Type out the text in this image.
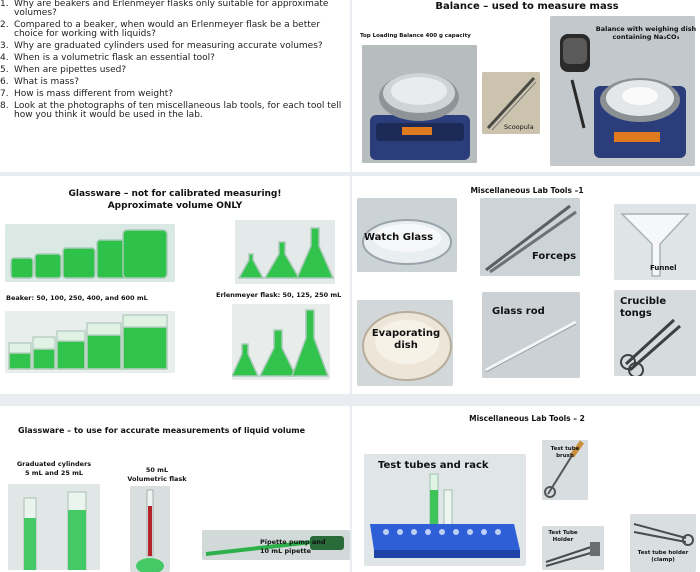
1. Why are beakers and Erlenmeyer flasks only suitable for approximate volumes?
2. Compared to a beaker, when would an Erlenmeyer flask be a better choice for working with liquids?
3. Why are graduated cylinders used for measuring accurate volumes?
4. When is a volumetric flask an essential tool?
5. When are pipettes used?
6. What is mass?
7. How is mass different from weight?
8. Look at the photographs of ten miscellaneous lab tools, for each tool tell how you think it would be used in the lab.
Balance – used to measure mass
Top Loading Balance 400 g capacity
Scoopula
Balance with weighing dish
containing Na₂CO₃
Glassware – not for calibrated measuring!
Approximate volume ONLY
Beaker: 50, 100, 250, 400, and 600 mL	Erlenmeyer flask: 50, 125, 250 mL
Miscellaneous Lab Tools –1
Watch Glass
Forceps
Funnel
Evaporating
dish
Glass rod
Crucible
tongs
Glassware – to use for accurate measurements of liquid volume
Graduated cylinders
5 mL and 25 mL	50 mL
Volumetric flask
Pipette pump and
10 mL pipette
Miscellaneous Lab Tools – 2
Test tubes and rack
Test tube
brush
Test Tube
Holder
Test tube holder
(clamp)
